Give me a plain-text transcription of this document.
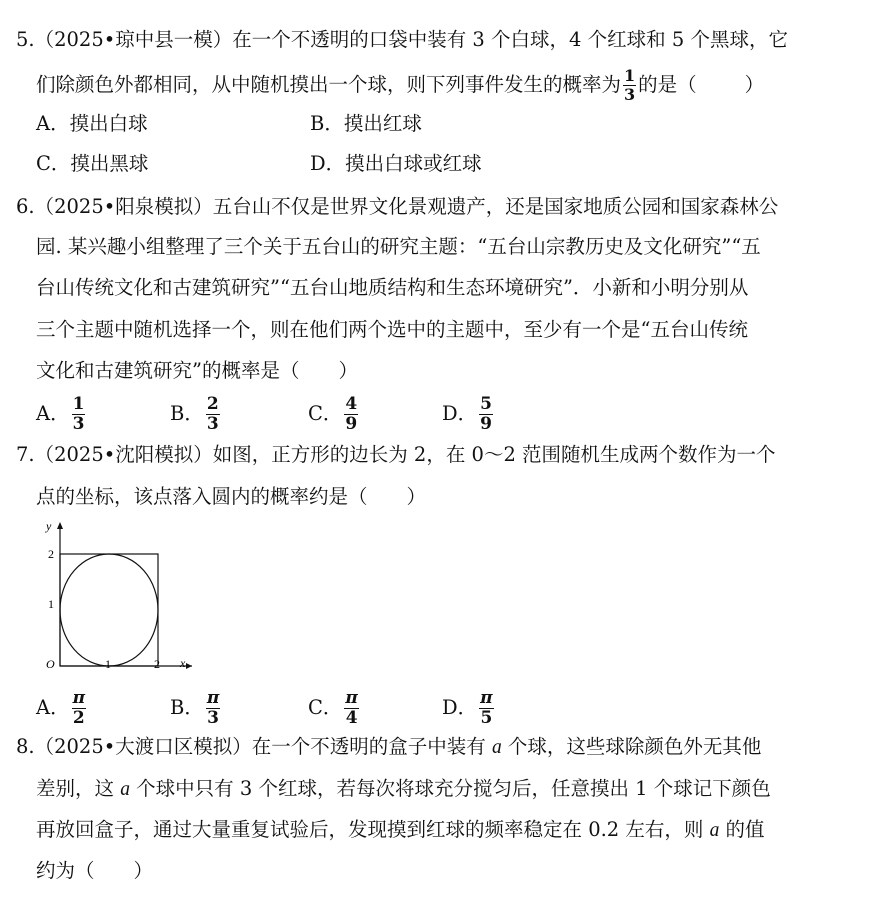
5.（2025•琼中县一模）在一个不透明的口袋中装有 3 个白球，4 个红球和 5 个黑球，它
们除颜色外都相同，从中随机摸出一个球，则下列事件发生的概率为 $\frac{1}{3}$ 的是（ ）
A．摸出白球	B．摸出红球
C．摸出黑球	D．摸出白球或红球
6.（2025•阳泉模拟）五台山不仅是世界文化景观遗产，还是国家地质公园和国家森林公
园. 某兴趣小组整理了三个关于五台山的研究主题：“五台山宗教历史及文化研究”“五
台山传统文化和古建筑研究”“五台山地质结构和生态环境研究”．小新和小明分别从
三个主题中随机选择一个，则在他们两个选中的主题中，至少有一个是“五台山传统
文化和古建筑研究”的概率是（　　）
A． $\frac{1}{3}$	B． $\frac{2}{3}$	C． $\frac{4}{9}$	D． $\frac{5}{9}$
7.（2025•沈阳模拟）如图，正方形的边长为 2，在 0～2 范围随机生成两个数作为一个
点的坐标，该点落入圆内的概率约是（　　）
y
x
O	1	2
1
2
A． $\frac{\pi}{2}$	B． $\frac{\pi}{3}$	C． $\frac{\pi}{4}$	D． $\frac{\pi}{5}$
8.（2025•大渡口区模拟）在一个不透明的盒子中装有 a 个球，这些球除颜色外无其他
差别，这 a 个球中只有 3 个红球，若每次将球充分搅匀后，任意摸出 1 个球记下颜色
再放回盒子，通过大量重复试验后，发现摸到红球的频率稳定在 0.2 左右，则 a 的值
约为（　　）
